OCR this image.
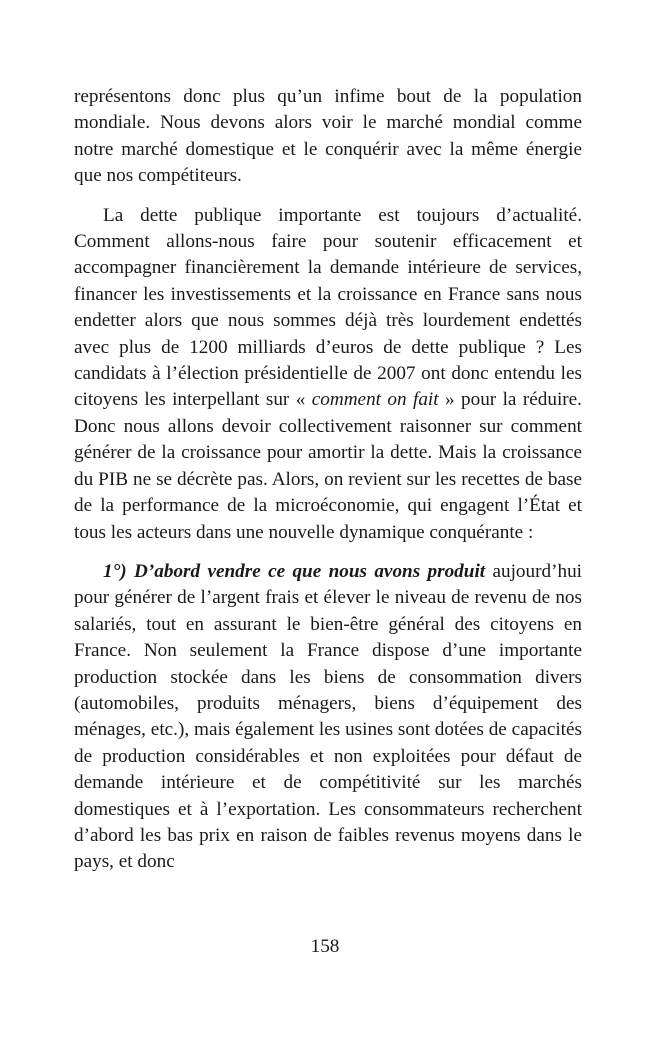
représentons donc plus qu’un infime bout de la population mondiale. Nous devons alors voir le marché mondial comme notre marché domestique et le conquérir avec la même énergie que nos compétiteurs.

La dette publique importante est toujours d’actualité. Comment allons-nous faire pour soutenir efficacement et accompagner financièrement la demande intérieure de services, financer les investissements et la croissance en France sans nous endetter alors que nous sommes déjà très lourdement endettés avec plus de 1200 milliards d’euros de dette publique ? Les candidats à l’élection présidentielle de 2007 ont donc entendu les citoyens les interpellant sur « comment on fait » pour la réduire. Donc nous allons devoir collectivement raisonner sur comment générer de la croissance pour amortir la dette. Mais la croissance du PIB ne se décrète pas. Alors, on revient sur les recettes de base de la performance de la microéconomie, qui engagent l’État et tous les acteurs dans une nouvelle dynamique conquérante :

1°) D’abord vendre ce que nous avons produit aujourd’hui pour générer de l’argent frais et élever le niveau de revenu de nos salariés, tout en assurant le bien-être général des citoyens en France. Non seulement la France dispose d’une importante production stockée dans les biens de consommation divers (automobiles, produits ménagers, biens d’équipement des ménages, etc.), mais également les usines sont dotées de capacités de production considérables et non exploitées pour défaut de demande intérieure et de compétitivité sur les marchés domestiques et à l’exportation. Les consommateurs recherchent d’abord les bas prix en raison de faibles revenus moyens dans le pays, et donc

158
